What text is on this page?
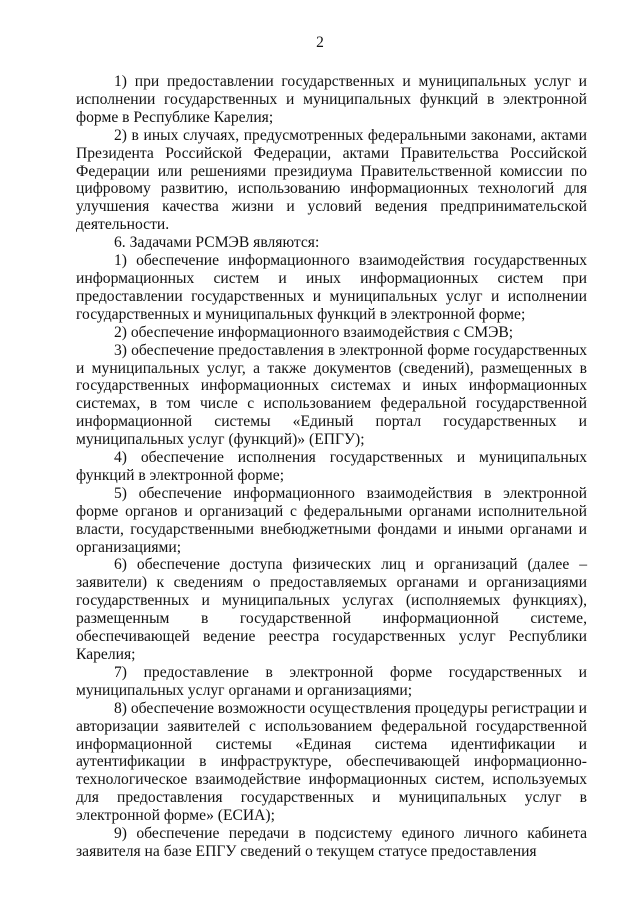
2

1) при предоставлении государственных и муниципальных услуг и исполнении государственных и муниципальных функций в электронной форме в Республике Карелия;

2) в иных случаях, предусмотренных федеральными законами, актами Президента Российской Федерации, актами Правительства Российской Федерации или решениями президиума Правительственной комиссии по цифровому развитию, использованию информационных технологий для улучшения качества жизни и условий ведения предпринимательской деятельности.

6. Задачами РСМЭВ являются:

1) обеспечение информационного взаимодействия государственных информационных систем и иных информационных систем при предоставлении государственных и муниципальных услуг и исполнении государственных и муниципальных функций в электронной форме;

2) обеспечение информационного взаимодействия с СМЭВ;

3) обеспечение предоставления в электронной форме государственных и муниципальных услуг, а также документов (сведений), размещенных в государственных информационных системах и иных информационных системах, в том числе с использованием федеральной государственной информационной системы «Единый портал государственных и муниципальных услуг (функций)» (ЕПГУ);

4) обеспечение исполнения государственных и муниципальных функций в электронной форме;

5) обеспечение информационного взаимодействия в электронной форме органов и организаций с федеральными органами исполнительной власти, государственными внебюджетными фондами и иными органами и организациями;

6) обеспечение доступа физических лиц и организаций (далее – заявители) к сведениям о предоставляемых органами и организациями государственных и муниципальных услугах (исполняемых функциях), размещенным в государственной информационной системе, обеспечивающей ведение реестра государственных услуг Республики Карелия;

7) предоставление в электронной форме государственных и муниципальных услуг органами и организациями;

8) обеспечение возможности осуществления процедуры регистрации и авторизации заявителей с использованием федеральной государственной информационной системы «Единая система идентификации и аутентификации в инфраструктуре, обеспечивающей информационно-технологическое взаимодействие информационных систем, используемых для предоставления государственных и муниципальных услуг в электронной форме» (ЕСИА);

9) обеспечение передачи в подсистему единого личного кабинета заявителя на базе ЕПГУ сведений о текущем статусе предоставления
